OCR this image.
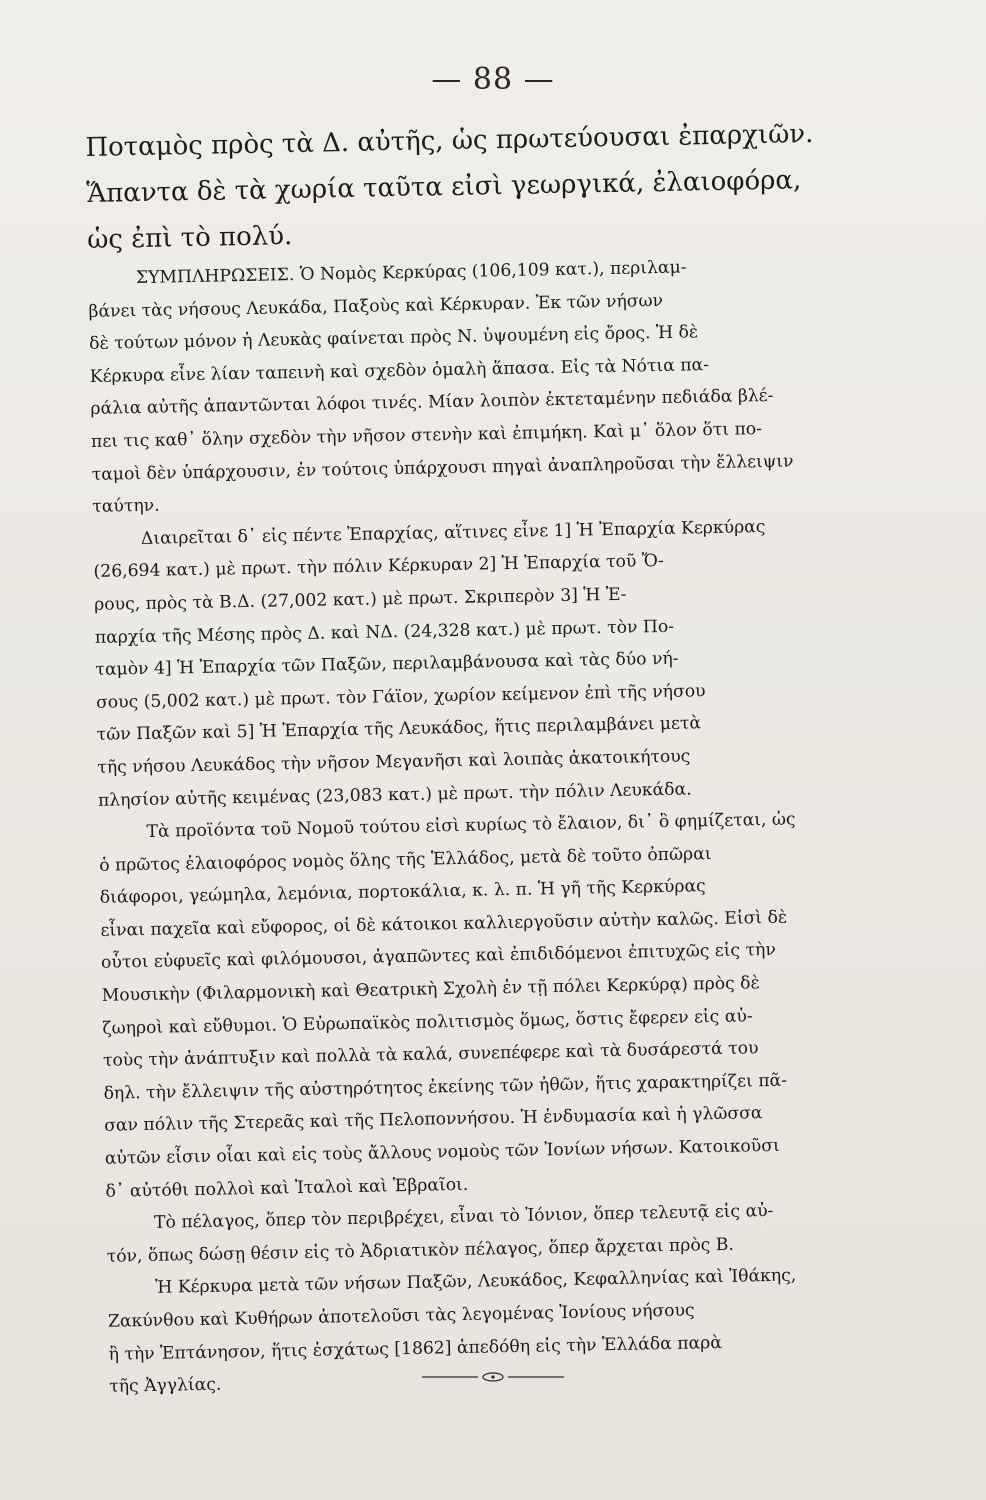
— 88 —
Ποταμὸς πρὸς τὰ Δ. αὐτῆς, ὡς πρωτεύουσαι ἐπαρχιῶν.
Ἅπαντα δὲ τὰ χωρία ταῦτα εἰσὶ γεωργικά, ἐλαιοφόρα,
ὡς ἐπὶ τὸ πολύ.
ΣΥΜΠΛΗΡΩΣΕΙΣ. Ὁ Νομὸς Κερκύρας (106,109 κατ.), περιλαμ-
βάνει τὰς νήσους Λευκάδα, Παξοὺς καὶ Κέρκυραν. Ἐκ τῶν νήσων
δὲ τούτων μόνον ἡ Λευκὰς φαίνεται πρὸς Ν. ὑψουμένη εἰς ὄρος. Ἡ δὲ
Κέρκυρα εἶνε λίαν ταπεινὴ καὶ σχεδὸν ὁμαλὴ ἅπασα. Εἰς τὰ Νότια πα-
ράλια αὐτῆς ἀπαντῶνται λόφοι τινές. Μίαν λοιπὸν ἐκτεταμένην πεδιάδα βλέ-
πει τις καθ᾽ ὅλην σχεδὸν τὴν νῆσον στενὴν καὶ ἐπιμήκη. Καὶ μ᾽ ὅλον ὅτι πο-
ταμοὶ δὲν ὑπάρχουσιν, ἐν τούτοις ὑπάρχουσι πηγαὶ ἀναπληροῦσαι τὴν ἔλλειψιν
ταύτην.
Διαιρεῖται δ᾽ εἰς πέντε Ἐπαρχίας, αἵτινες εἶνε 1] Ἡ Ἐπαρχία Κερκύρας
(26,694 κατ.) μὲ πρωτ. τὴν πόλιν Κέρκυραν 2] Ἡ Ἐπαρχία τοῦ Ὄ-
ρους, πρὸς τὰ Β.Δ. (27,002 κατ.) μὲ πρωτ. Σκριπερὸν 3] Ἡ Ἐ-
παρχία τῆς Μέσης πρὸς Δ. καὶ ΝΔ. (24,328 κατ.) μὲ πρωτ. τὸν Πο-
ταμὸν 4] Ἡ Ἐπαρχία τῶν Παξῶν, περιλαμβάνουσα καὶ τὰς δύο νή-
σους (5,002 κατ.) μὲ πρωτ. τὸν Γάϊον, χωρίον κείμενον ἐπὶ τῆς νήσου
τῶν Παξῶν καὶ 5] Ἡ Ἐπαρχία τῆς Λευκάδος, ἥτις περιλαμβάνει μετὰ
τῆς νήσου Λευκάδος τὴν νῆσον Μεγανῆσι καὶ λοιπὰς ἀκατοικήτους
πλησίον αὐτῆς κειμένας (23,083 κατ.) μὲ πρωτ. τὴν πόλιν Λευκάδα.
Τὰ προϊόντα τοῦ Νομοῦ τούτου εἰσὶ κυρίως τὸ ἔλαιον, δι᾽ ὃ φημίζεται, ὡς
ὁ πρῶτος ἐλαιοφόρος νομὸς ὅλης τῆς Ἑλλάδος, μετὰ δὲ τοῦτο ὀπῶραι
διάφοροι, γεώμηλα, λεμόνια, πορτοκάλια, κ. λ. π. Ἡ γῆ τῆς Κερκύρας
εἶναι παχεῖα καὶ εὔφορος, οἱ δὲ κάτοικοι καλλιεργοῦσιν αὐτὴν καλῶς. Εἰσὶ δὲ
οὗτοι εὐφυεῖς καὶ φιλόμουσοι, ἀγαπῶντες καὶ ἐπιδιδόμενοι ἐπιτυχῶς εἰς τὴν
Μουσικὴν (Φιλαρμονικὴ καὶ Θεατρικὴ Σχολὴ ἐν τῇ πόλει Κερκύρᾳ) πρὸς δὲ
ζωηροὶ καὶ εὔθυμοι. Ὁ Εὐρωπαϊκὸς πολιτισμὸς ὅμως, ὅστις ἔφερεν εἰς αὐ-
τοὺς τὴν ἀνάπτυξιν καὶ πολλὰ τὰ καλά, συνεπέφερε καὶ τὰ δυσάρεστά του
δηλ. τὴν ἔλλειψιν τῆς αὐστηρότητος ἐκείνης τῶν ἠθῶν, ἥτις χαρακτηρίζει πᾶ-
σαν πόλιν τῆς Στερεᾶς καὶ τῆς Πελοποννήσου. Ἡ ἐνδυμασία καὶ ἡ γλῶσσα
αὐτῶν εἶσιν οἷαι καὶ εἰς τοὺς ἄλλους νομοὺς τῶν Ἰονίων νήσων. Κατοικοῦσι
δ᾽ αὐτόθι πολλοὶ καὶ Ἰταλοὶ καὶ Ἑβραῖοι.
Τὸ πέλαγος, ὅπερ τὸν περιβρέχει, εἶναι τὸ Ἰόνιον, ὅπερ τελευτᾷ εἰς αὐ-
τόν, ὅπως δώσῃ θέσιν εἰς τὸ Ἀδριατικὸν πέλαγος, ὅπερ ἄρχεται πρὸς Β.
Ἡ Κέρκυρα μετὰ τῶν νήσων Παξῶν, Λευκάδος, Κεφαλληνίας καὶ Ἰθάκης,
Ζακύνθου καὶ Κυθήρων ἀποτελοῦσι τὰς λεγομένας Ἰονίους νήσους
ἢ τὴν Ἑπτάνησον, ἥτις ἐσχάτως [1862] ἀπεδόθη εἰς τὴν Ἑλλάδα παρὰ
τῆς Ἀγγλίας.
